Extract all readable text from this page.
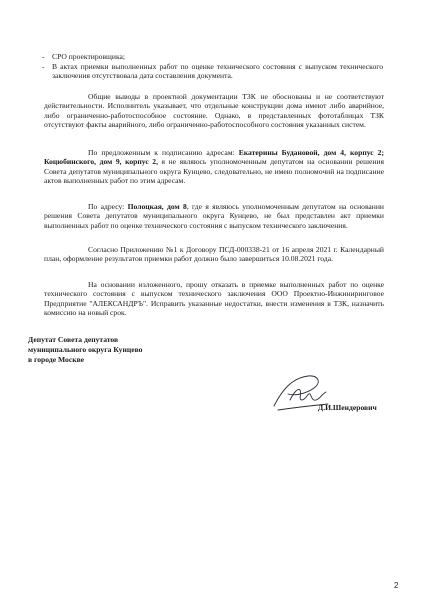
- СРО проектировщика;

- В актах приемки выполненных работ по оценке технического состояния с выпуском технического заключения отсутствовала дата составления документа.

Общие выводы в проектной документации ТЗК не обоснованы и не соответствуют действительности. Исполнитель указывает, что отдельные конструкции дома имеют либо аварийное, либо ограниченно-работоспособное состояние. Однако, в представленных фототаблицах ТЗК отсутствуют факты аварийного, либо ограниченно-работоспособного состояния указанных систем.

По предложенным к подписанию адресам: Екатерины Будановой, дом 4, корпус 2; Коцюбинского, дом 9, корпус 2, я не являюсь уполномоченным депутатом на основании решения Совета депутатов муниципального округа Кунцево, следовательно, не имею полномочий на подписание актов выполненных работ по этим адресам.

По адресу: Полоцкая, дом 8, где я являюсь уполномоченным депутатом на основании решения Совета депутатов муниципального округа Кунцево, не был представлен акт приемки выполненных работ по оценке технического состояния с выпуском технического заключения.

Согласно Приложению №1 к Договору ПСД-000338-21 от 16 апреля 2021 г. Календарный план, оформление результатов приемки работ должно было завершиться 10.08.2021 года.

На основании изложенного, прошу отказать в приемке выполненных работ по оценке технического состояния с выпуском технического заключения ООО Проектно-Инжиниринговое Предприятие "АЛЕКСАНДРЪ". Исправить указанные недостатки, внести изменения в ТЗК, назначить комиссию на новый срок.

Депутат Совета депутатов

муниципального округа Кунцево

в городе Москве

Д.И.Шендерович

2
